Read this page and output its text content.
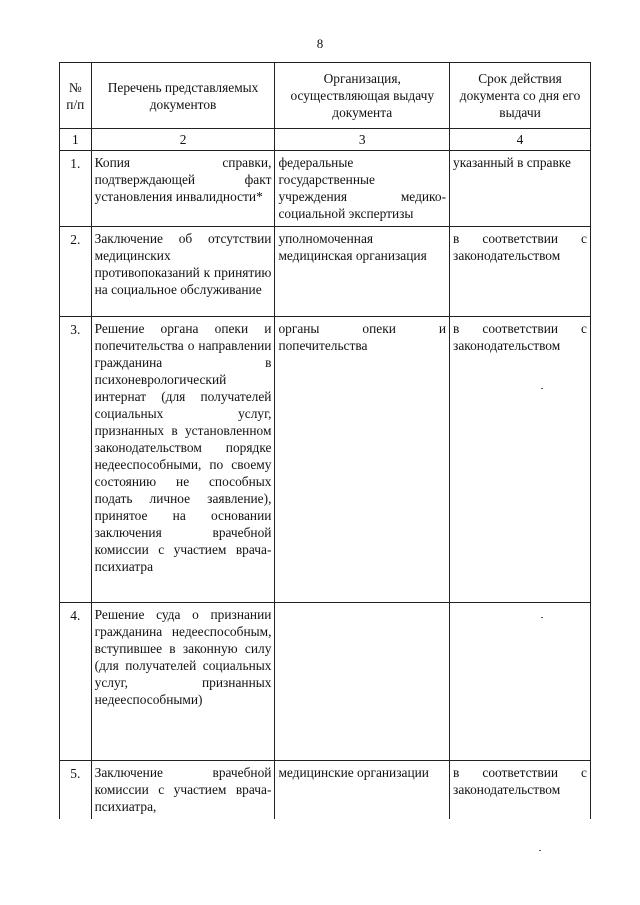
8
№ п/п	Перечень представляемых документов	Организация, осуществляющая выдачу документа	Срок действия документа со дня его выдачи
1	2	3	4
1.	Копия справки, подтверждающей факт установления инвалидности*	федеральные государственные учреждения медико-социальной экспертизы	указанный в справке
2.	Заключение об отсутствии медицинских противопоказаний к принятию на социальное обслуживание	уполномоченная медицинская организация	в соответствии с законодательством
3.	Решение органа опеки и попечительства о направлении гражданина в психоневрологический интернат (для получателей социальных услуг, признанных в установленном законодательством порядке недееспособными, по своему состоянию не способных подать личное заявление), принятое на основании заключения врачебной комиссии с участием врача-психиатра	органы опеки и попечительства	в соответствии с законодательством
4.	Решение суда о признании гражданина недееспособным, вступившее в законную силу (для получателей социальных услуг, признанных недееспособными)		
5.	Заключение врачебной комиссии с участием врача-психиатра,	медицинские организации	в соответствии с законодательством
